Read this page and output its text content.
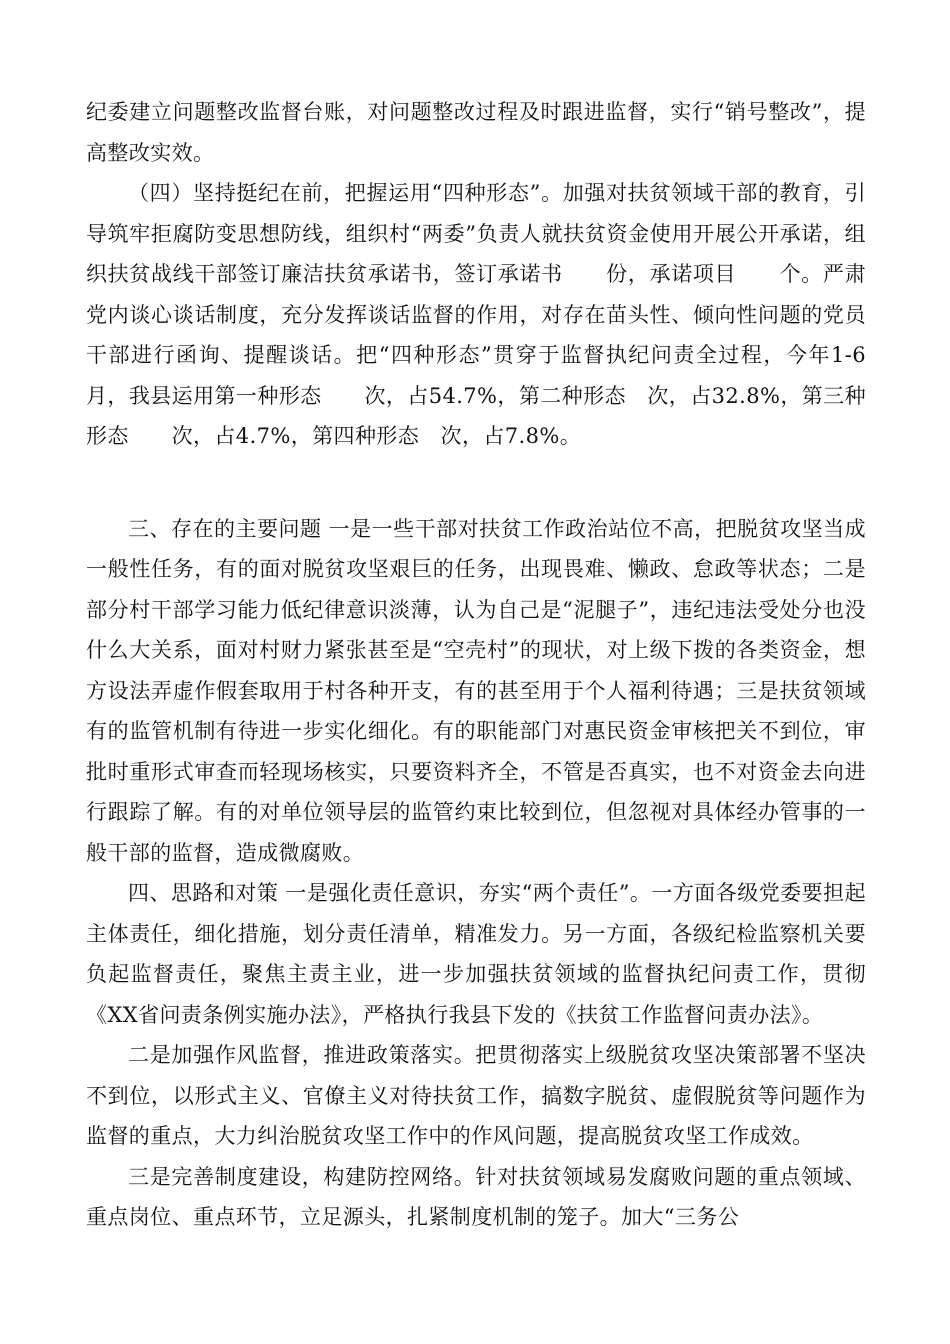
纪委建立问题整改监督台账，对问题整改过程及时跟进监督，实行“销号整改”，提高整改实效。

（四）坚持挺纪在前，把握运用“四种形态”。加强对扶贫领域干部的教育，引导筑牢拒腐防变思想防线，组织村“两委”负责人就扶贫资金使用开展公开承诺，组织扶贫战线干部签订廉洁扶贫承诺书，签订承诺书　　份，承诺项目　　个。严肃党内谈心谈话制度，充分发挥谈话监督的作用，对存在苗头性、倾向性问题的党员干部进行函询、提醒谈话。把“四种形态”贯穿于监督执纪问责全过程，今年1-6月，我县运用第一种形态　　次，占54.7%，第二种形态　次，占32.8%，第三种形态　　次，占4.7%，第四种形态　次，占7.8%。

三、存在的主要问题 一是一些干部对扶贫工作政治站位不高，把脱贫攻坚当成一般性任务，有的面对脱贫攻坚艰巨的任务，出现畏难、懒政、怠政等状态；二是部分村干部学习能力低纪律意识淡薄，认为自己是“泥腿子”，违纪违法受处分也没什么大关系，面对村财力紧张甚至是“空壳村”的现状，对上级下拨的各类资金，想方设法弄虚作假套取用于村各种开支，有的甚至用于个人福利待遇；三是扶贫领域有的监管机制有待进一步实化细化。有的职能部门对惠民资金审核把关不到位，审批时重形式审查而轻现场核实，只要资料齐全，不管是否真实，也不对资金去向进行跟踪了解。有的对单位领导层的监管约束比较到位，但忽视对具体经办管事的一般干部的监督，造成微腐败。

四、思路和对策 一是强化责任意识，夯实“两个责任”。一方面各级党委要担起主体责任，细化措施，划分责任清单，精准发力。另一方面，各级纪检监察机关要负起监督责任，聚焦主责主业，进一步加强扶贫领域的监督执纪问责工作，贯彻《XX省问责条例实施办法》，严格执行我县下发的《扶贫工作监督问责办法》。

二是加强作风监督，推进政策落实。把贯彻落实上级脱贫攻坚决策部署不坚决不到位，以形式主义、官僚主义对待扶贫工作，搞数字脱贫、虚假脱贫等问题作为监督的重点，大力纠治脱贫攻坚工作中的作风问题，提高脱贫攻坚工作成效。

三是完善制度建设，构建防控网络。针对扶贫领域易发腐败问题的重点领域、重点岗位、重点环节，立足源头，扎紧制度机制的笼子。加大“三务公
